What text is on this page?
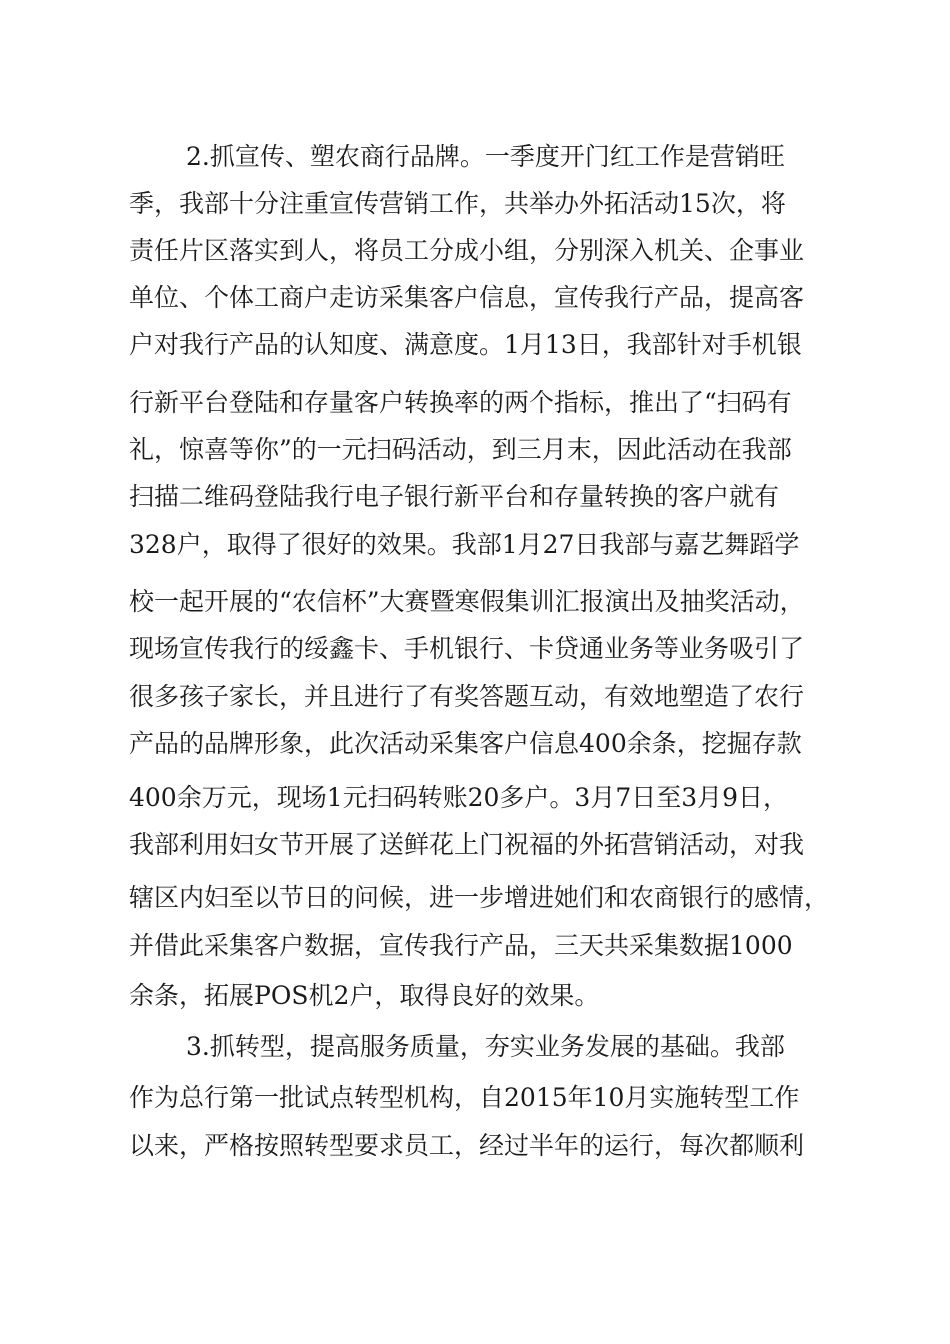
2.抓宣传、塑农商行品牌。一季度开门红工作是营销旺
季，我部十分注重宣传营销工作，共举办外拓活动15次，将
责任片区落实到人，将员工分成小组，分别深入机关、企事业
单位、个体工商户走访采集客户信息，宣传我行产品，提高客
户对我行产品的认知度、满意度。1月13日，我部针对手机银
行新平台登陆和存量客户转换率的两个指标，推出了“扫码有
礼，惊喜等你”的一元扫码活动，到三月末，因此活动在我部
扫描二维码登陆我行电子银行新平台和存量转换的客户就有
328户，取得了很好的效果。我部1月27日我部与嘉艺舞蹈学
校一起开展的“农信杯”大赛暨寒假集训汇报演出及抽奖活动，
现场宣传我行的绥鑫卡、手机银行、卡贷通业务等业务吸引了
很多孩子家长，并且进行了有奖答题互动，有效地塑造了农行
产品的品牌形象，此次活动采集客户信息400余条，挖掘存款
400余万元，现场1元扫码转账20多户。3月7日至3月9日，
我部利用妇女节开展了送鲜花上门祝福的外拓营销活动，对我
辖区内妇至以节日的问候，进一步增进她们和农商银行的感情，
并借此采集客户数据，宣传我行产品，三天共采集数据1000
余条，拓展POS机2户，取得良好的效果。
3.抓转型，提高服务质量，夯实业务发展的基础。我部
作为总行第一批试点转型机构，自2015年10月实施转型工作
以来，严格按照转型要求员工，经过半年的运行，每次都顺利
